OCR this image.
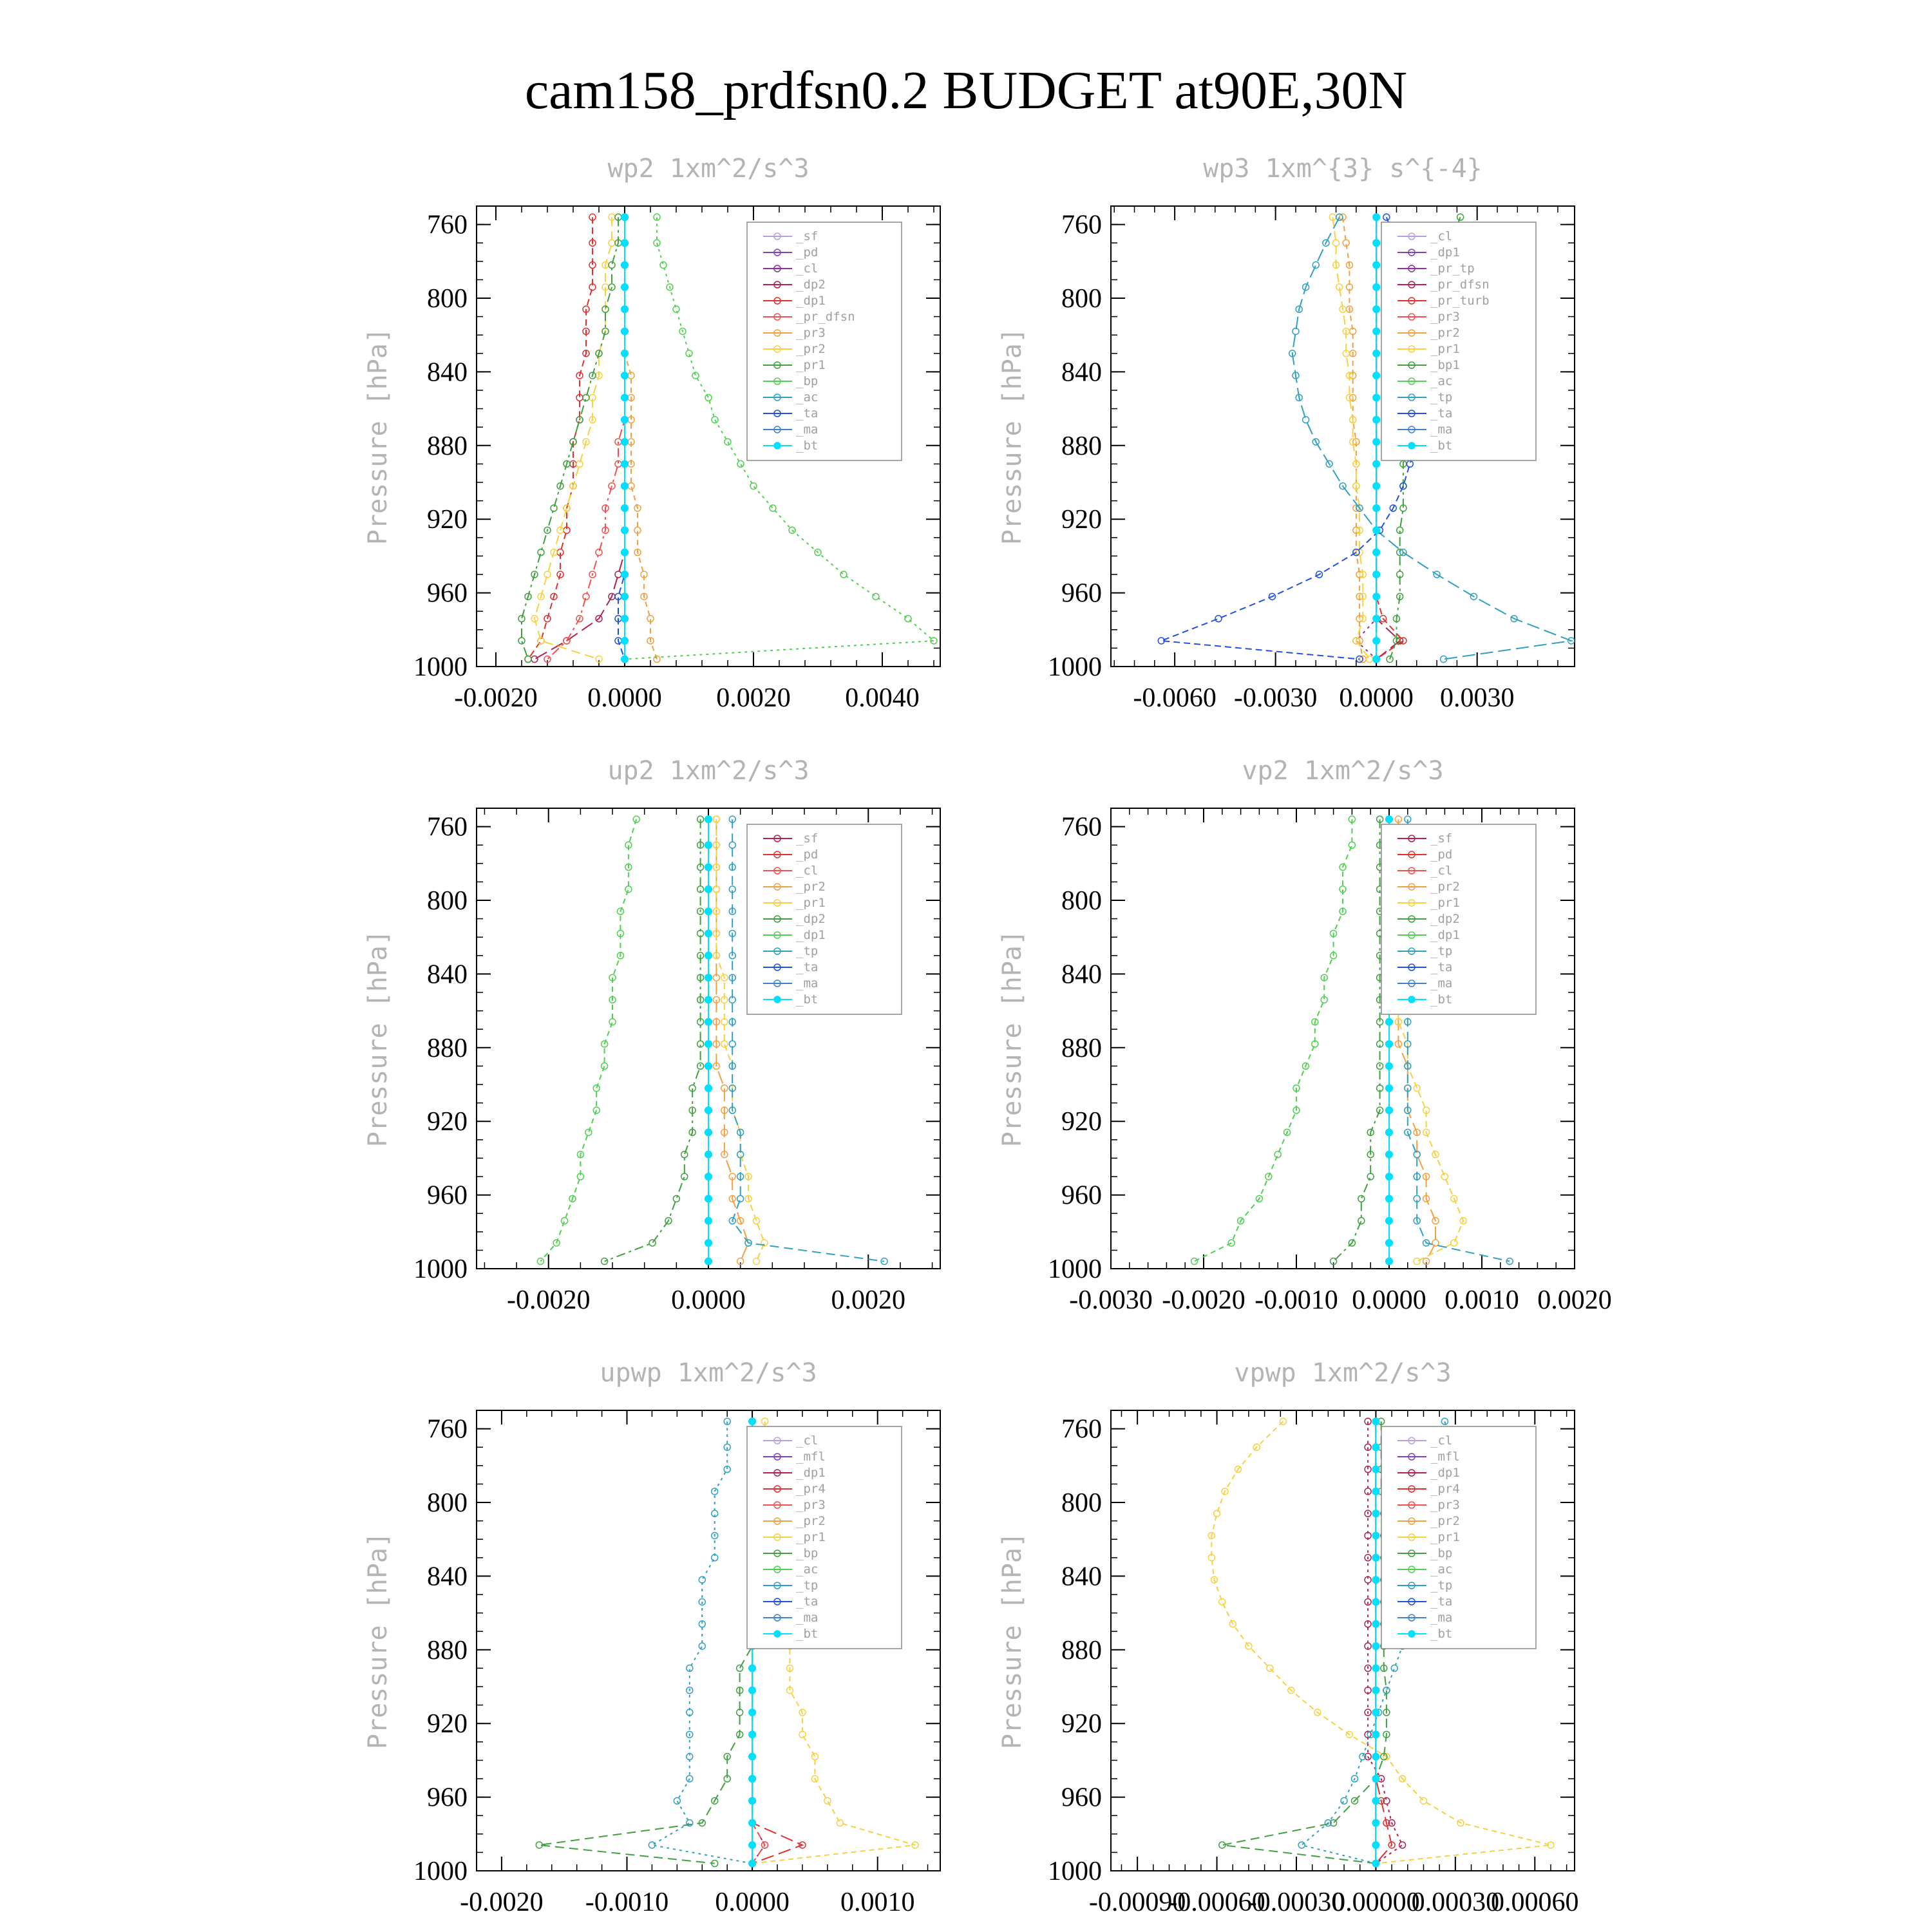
cam158_prdfsn0.2 BUDGET at90E,30N
wp2 1xm^2/s^3
Pressure [hPa]
760
800
840
880
920
960
1000
-0.0020 0.0000 0.0020 0.0040
_sf
_pd
_cl
_dp2
_dp1
_pr_dfsn
_pr3
_pr2
_pr1
_bp
_ac
_ta
_ma
_bt
wp3 1xm^{3} s^{-4}
Pressure [hPa]
760
800
840
880
920
960
1000
-0.0060 -0.0030 0.0000 0.0030
_cl
_dp1
_pr_tp
_pr_dfsn
_pr_turb
_pr3
_pr2
_pr1
_bp1
_ac
_tp
_ta
_ma
_bt
up2 1xm^2/s^3
Pressure [hPa]
760
800
840
880
920
960
1000
-0.0020	0.0000	0.0020
_sf
_pd
_cl
_pr2
_pr1
_dp2
_dp1
_tp
_ta
_ma
_bt
vp2 1xm^2/s^3
Pressure [hPa]
760
800
840
880
920
960
1000
-0.0030 -0.0020 -0.0010 0.0000 0.0010 0.0020
_sf
_pd
_cl
_pr2
_pr1
_dp2
_dp1
_tp
_ta
_ma
_bt
upwp 1xm^2/s^3
Pressure [hPa]
760
800
840
880
920
960
1000
-0.0020 -0.0010 0.0000 0.0010
_cl
_mfl
_dp1
_pr4
_pr3
_pr2
_pr1
_bp
_ac
_tp
_ta
_ma
_bt
vpwp 1xm^2/s^3
Pressure [hPa]
760
800
840
880
920
960
1000
-0.00090
-0.00060
-0.00030
0.00000
0.00030
0.00060
_cl
_mfl
_dp1
_pr4
_pr3
_pr2
_pr1
_bp
_ac
_tp
_ta
_ma
_bt
